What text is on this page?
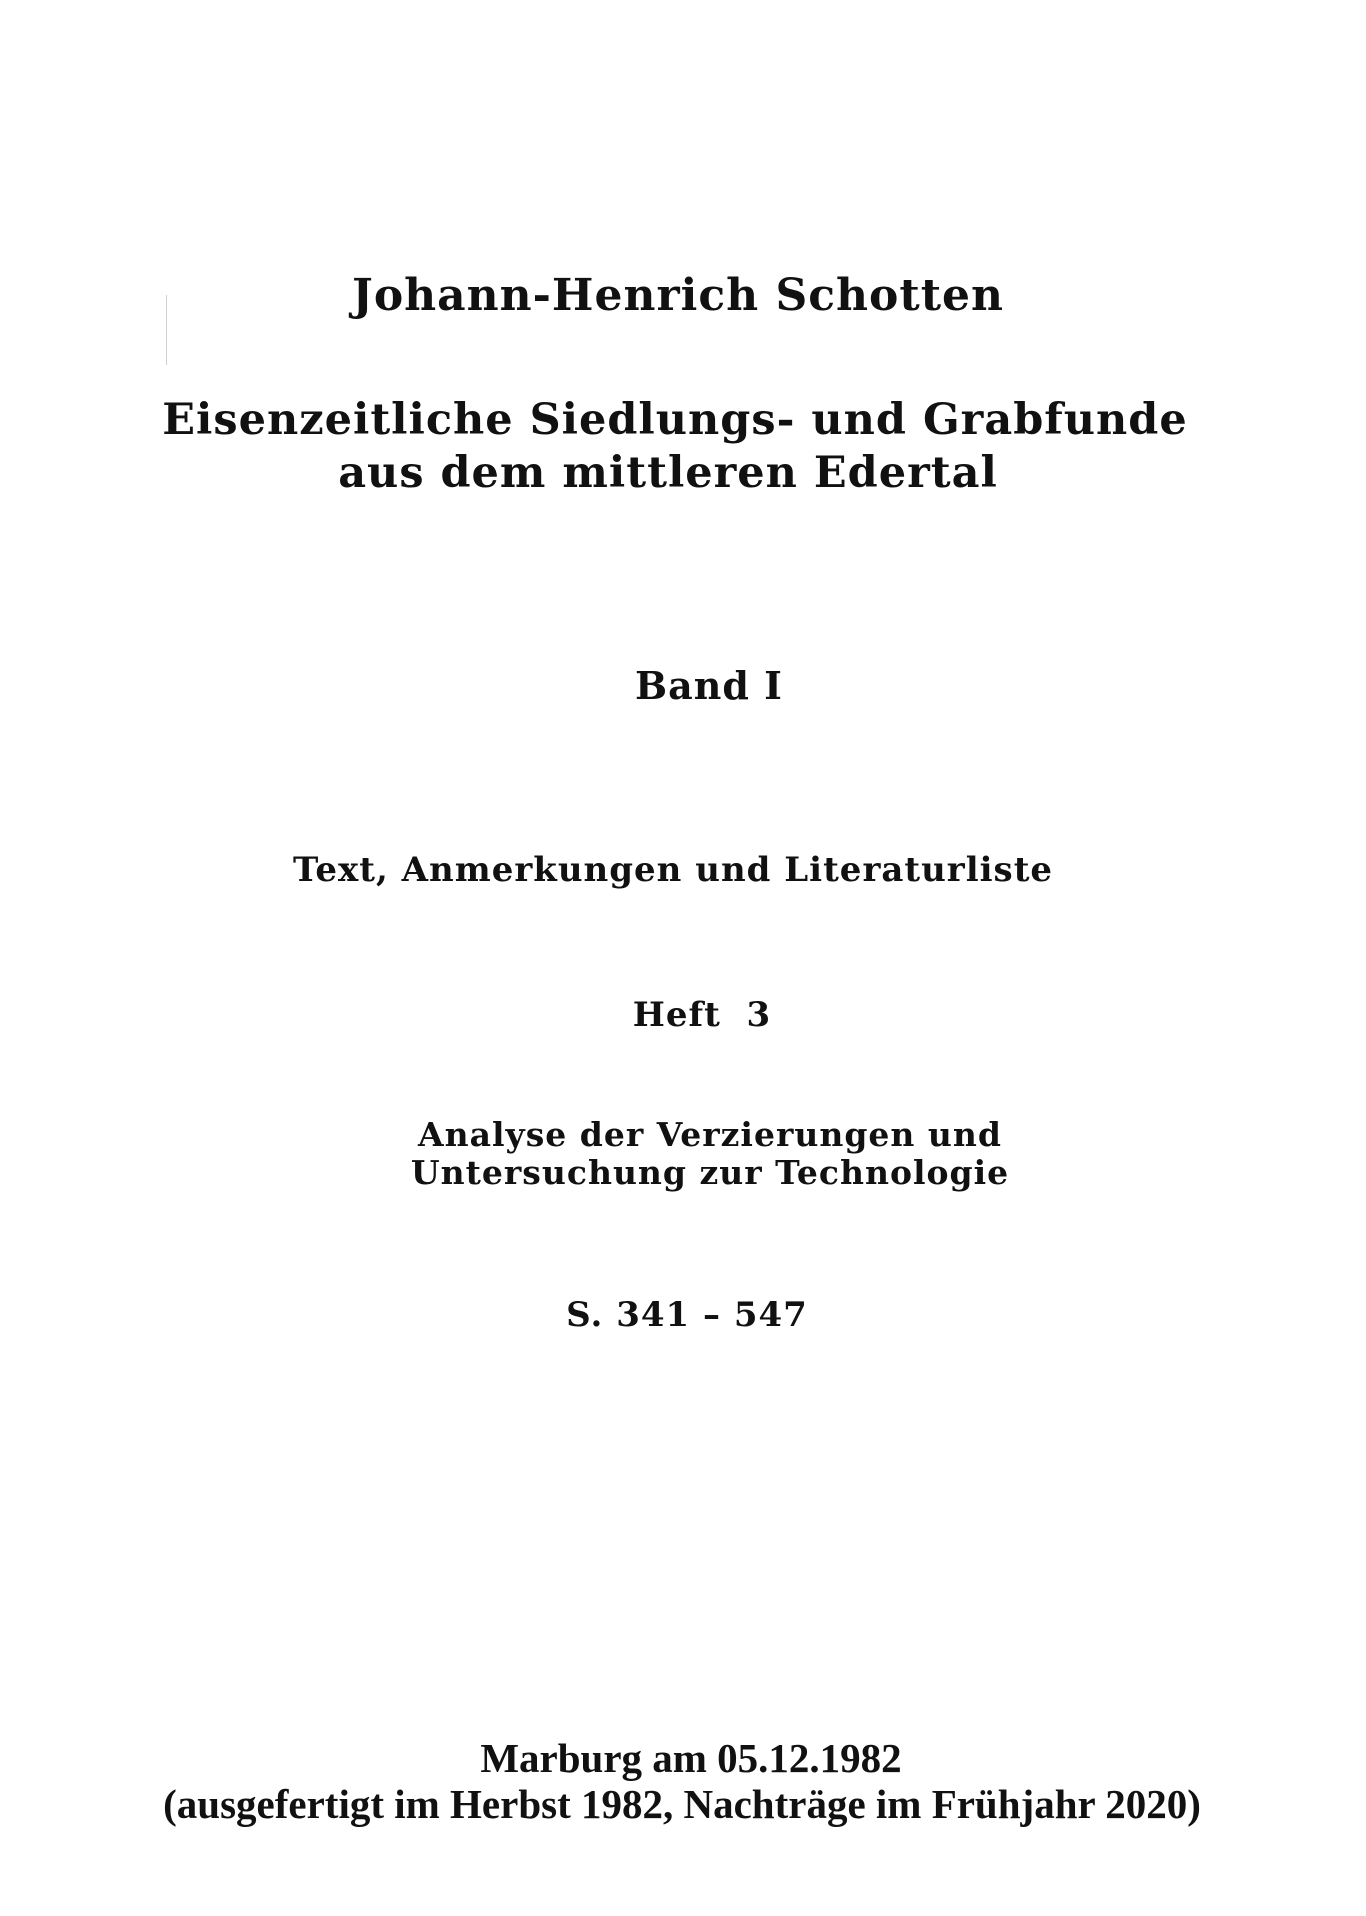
Johann-Henrich Schotten
Eisenzeitliche Siedlungs- und Grabfunde
aus dem mittleren Edertal
Band I
Text, Anmerkungen und Literaturliste
Heft  3
Analyse der Verzierungen und
Untersuchung zur Technologie
S. 341 – 547
Marburg am 05.12.1982
(ausgefertigt im Herbst 1982, Nachträge im Frühjahr 2020)
